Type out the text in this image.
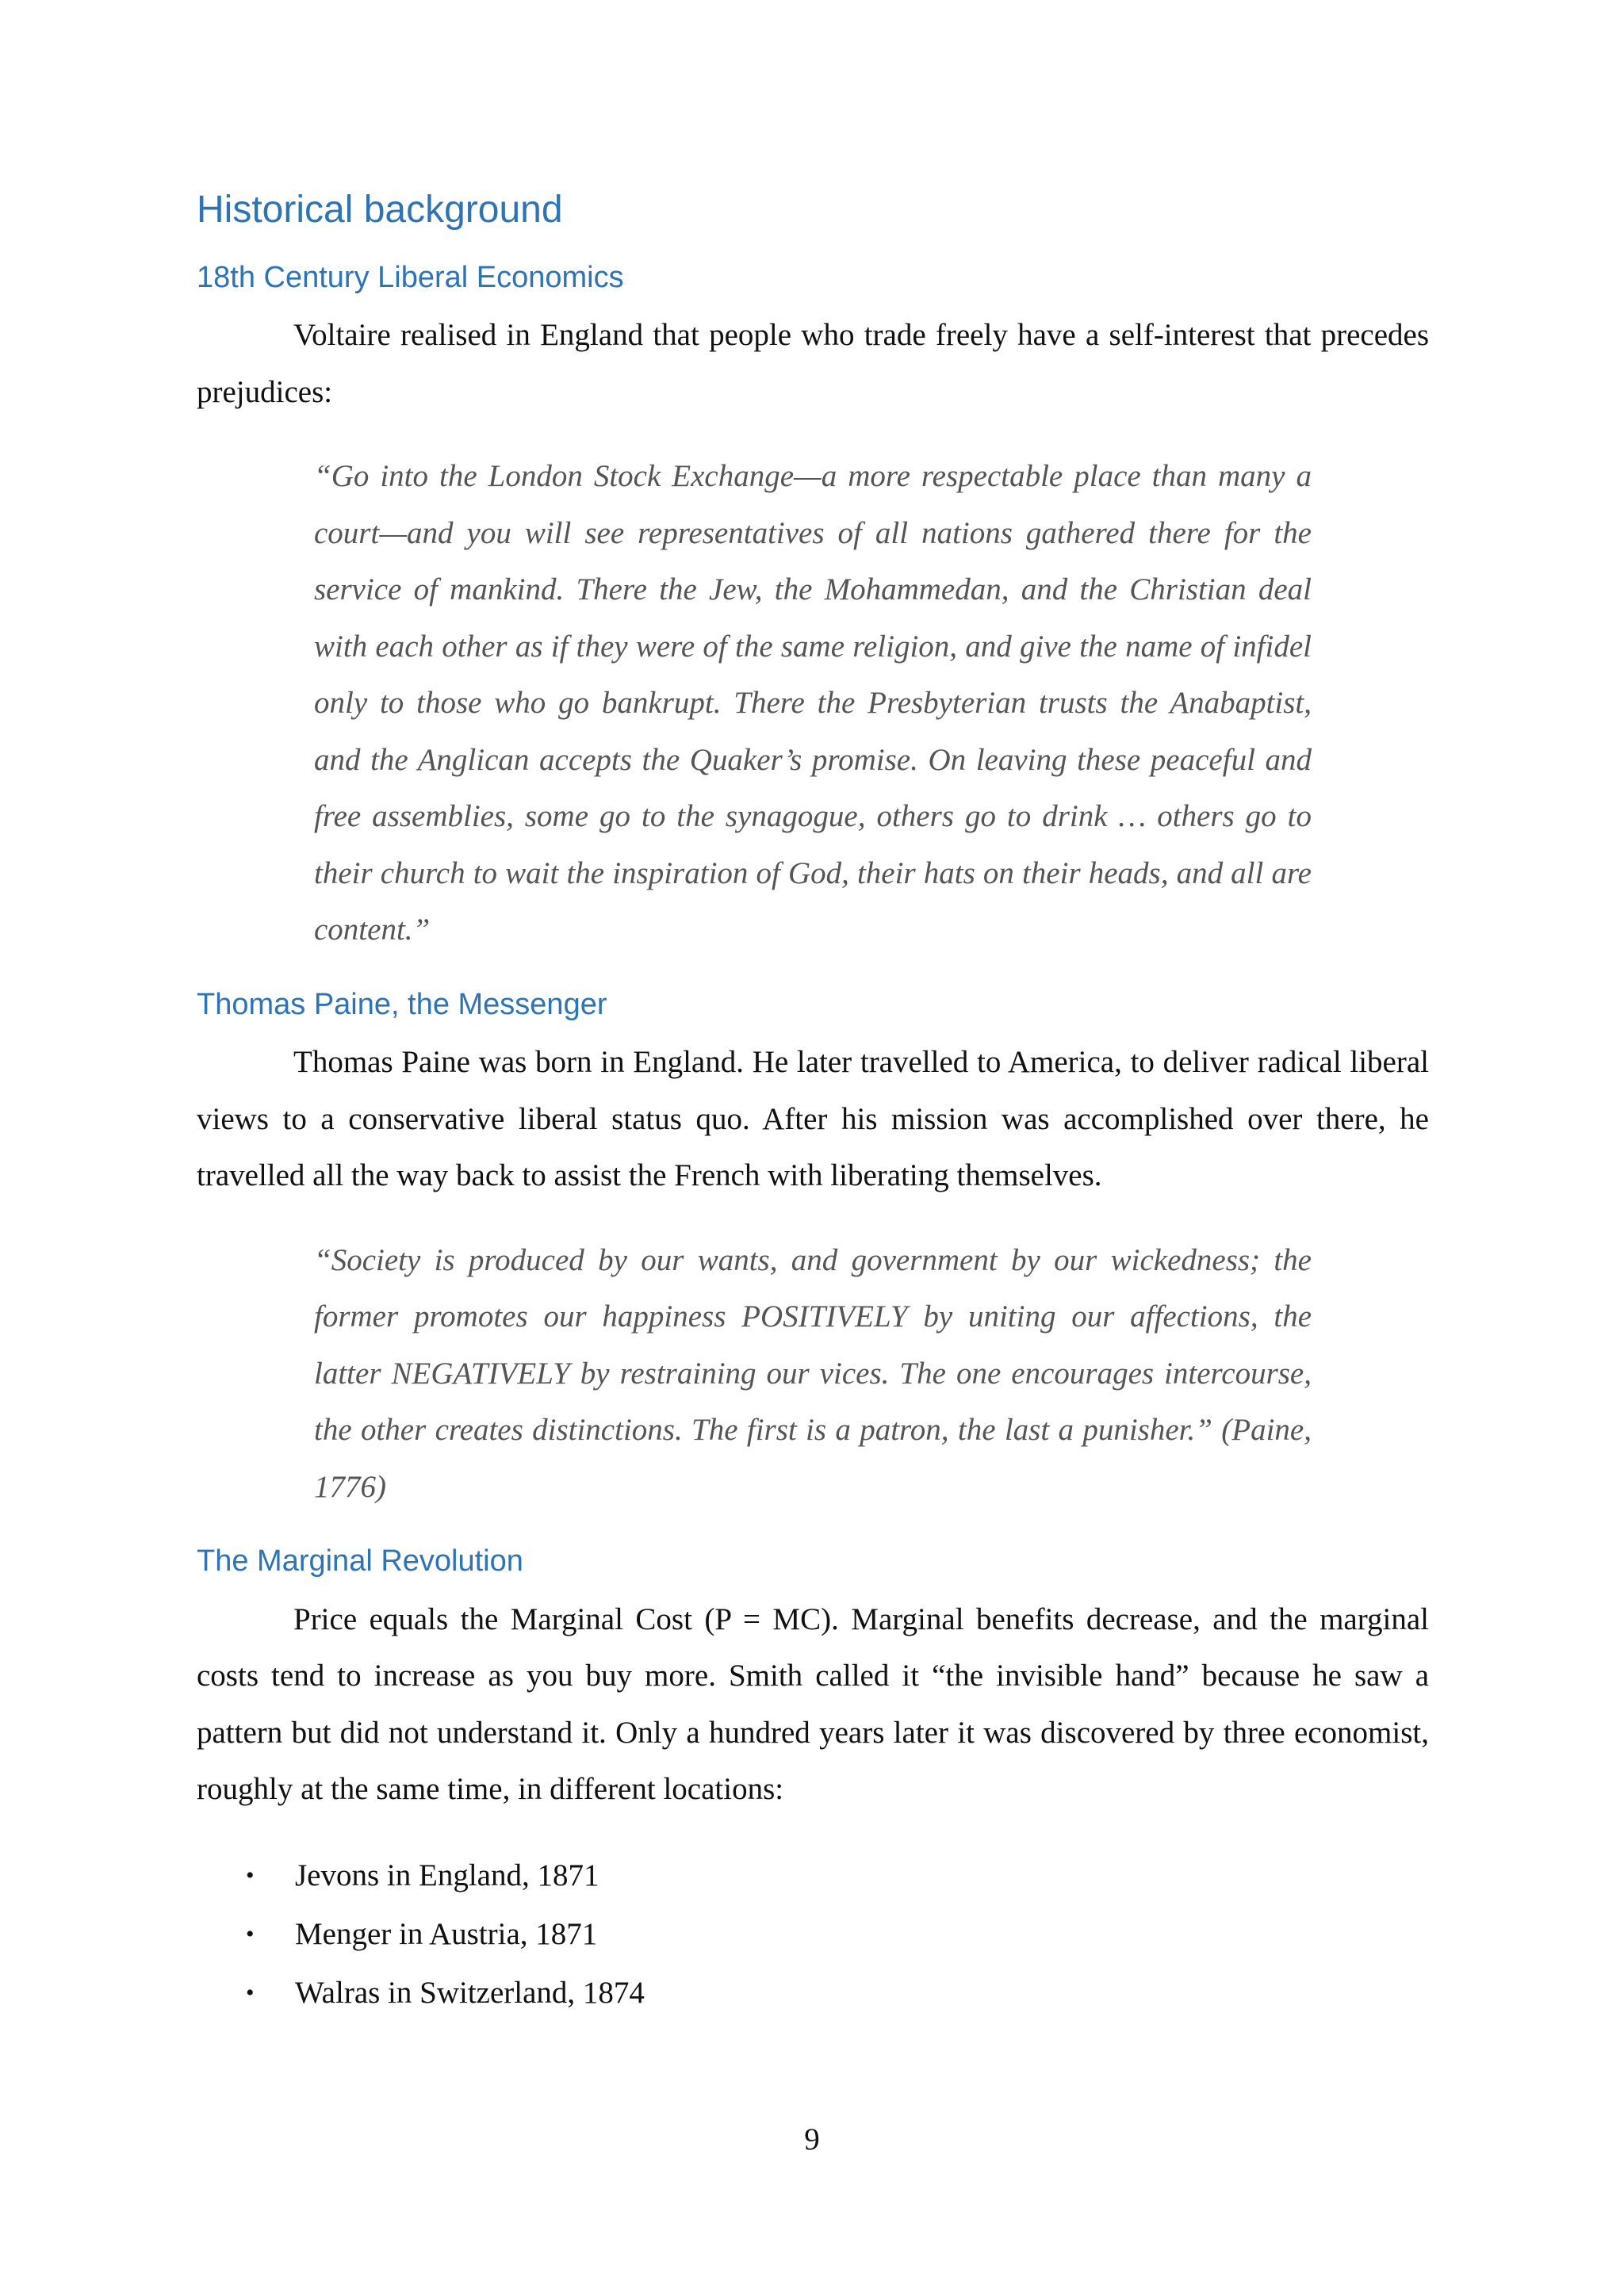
Historical background
18th Century Liberal Economics

Voltaire realised in England that people who trade freely have a self-interest that precedes prejudices:

“Go into the London Stock Exchange—a more respectable place than many a court—and you will see representatives of all nations gathered there for the service of mankind. There the Jew, the Mohammedan, and the Christian deal with each other as if they were of the same religion, and give the name of infidel only to those who go bankrupt. There the Presbyterian trusts the Anabaptist, and the Anglican accepts the Quaker’s promise. On leaving these peaceful and free assemblies, some go to the synagogue, others go to drink … others go to their church to wait the inspiration of God, their hats on their heads, and all are content.”
Thomas Paine, the Messenger

Thomas Paine was born in England. He later travelled to America, to deliver radical liberal views to a conservative liberal status quo. After his mission was accomplished over there, he travelled all the way back to assist the French with liberating themselves.

“Society is produced by our wants, and government by our wickedness; the former promotes our happiness POSITIVELY by uniting our affections, the latter NEGATIVELY by restraining our vices. The one encourages intercourse, the other creates distinctions. The first is a patron, the last a punisher.” (Paine, 1776)
The Marginal Revolution

Price equals the Marginal Cost (P = MC). Marginal benefits decrease, and the marginal costs tend to increase as you buy more. Smith called it “the invisible hand” because he saw a pattern but did not understand it. Only a hundred years later it was discovered by three economist, roughly at the same time, in different locations:

• Jevons in England, 1871
• Menger in Austria, 1871
• Walras in Switzerland, 1874
9
